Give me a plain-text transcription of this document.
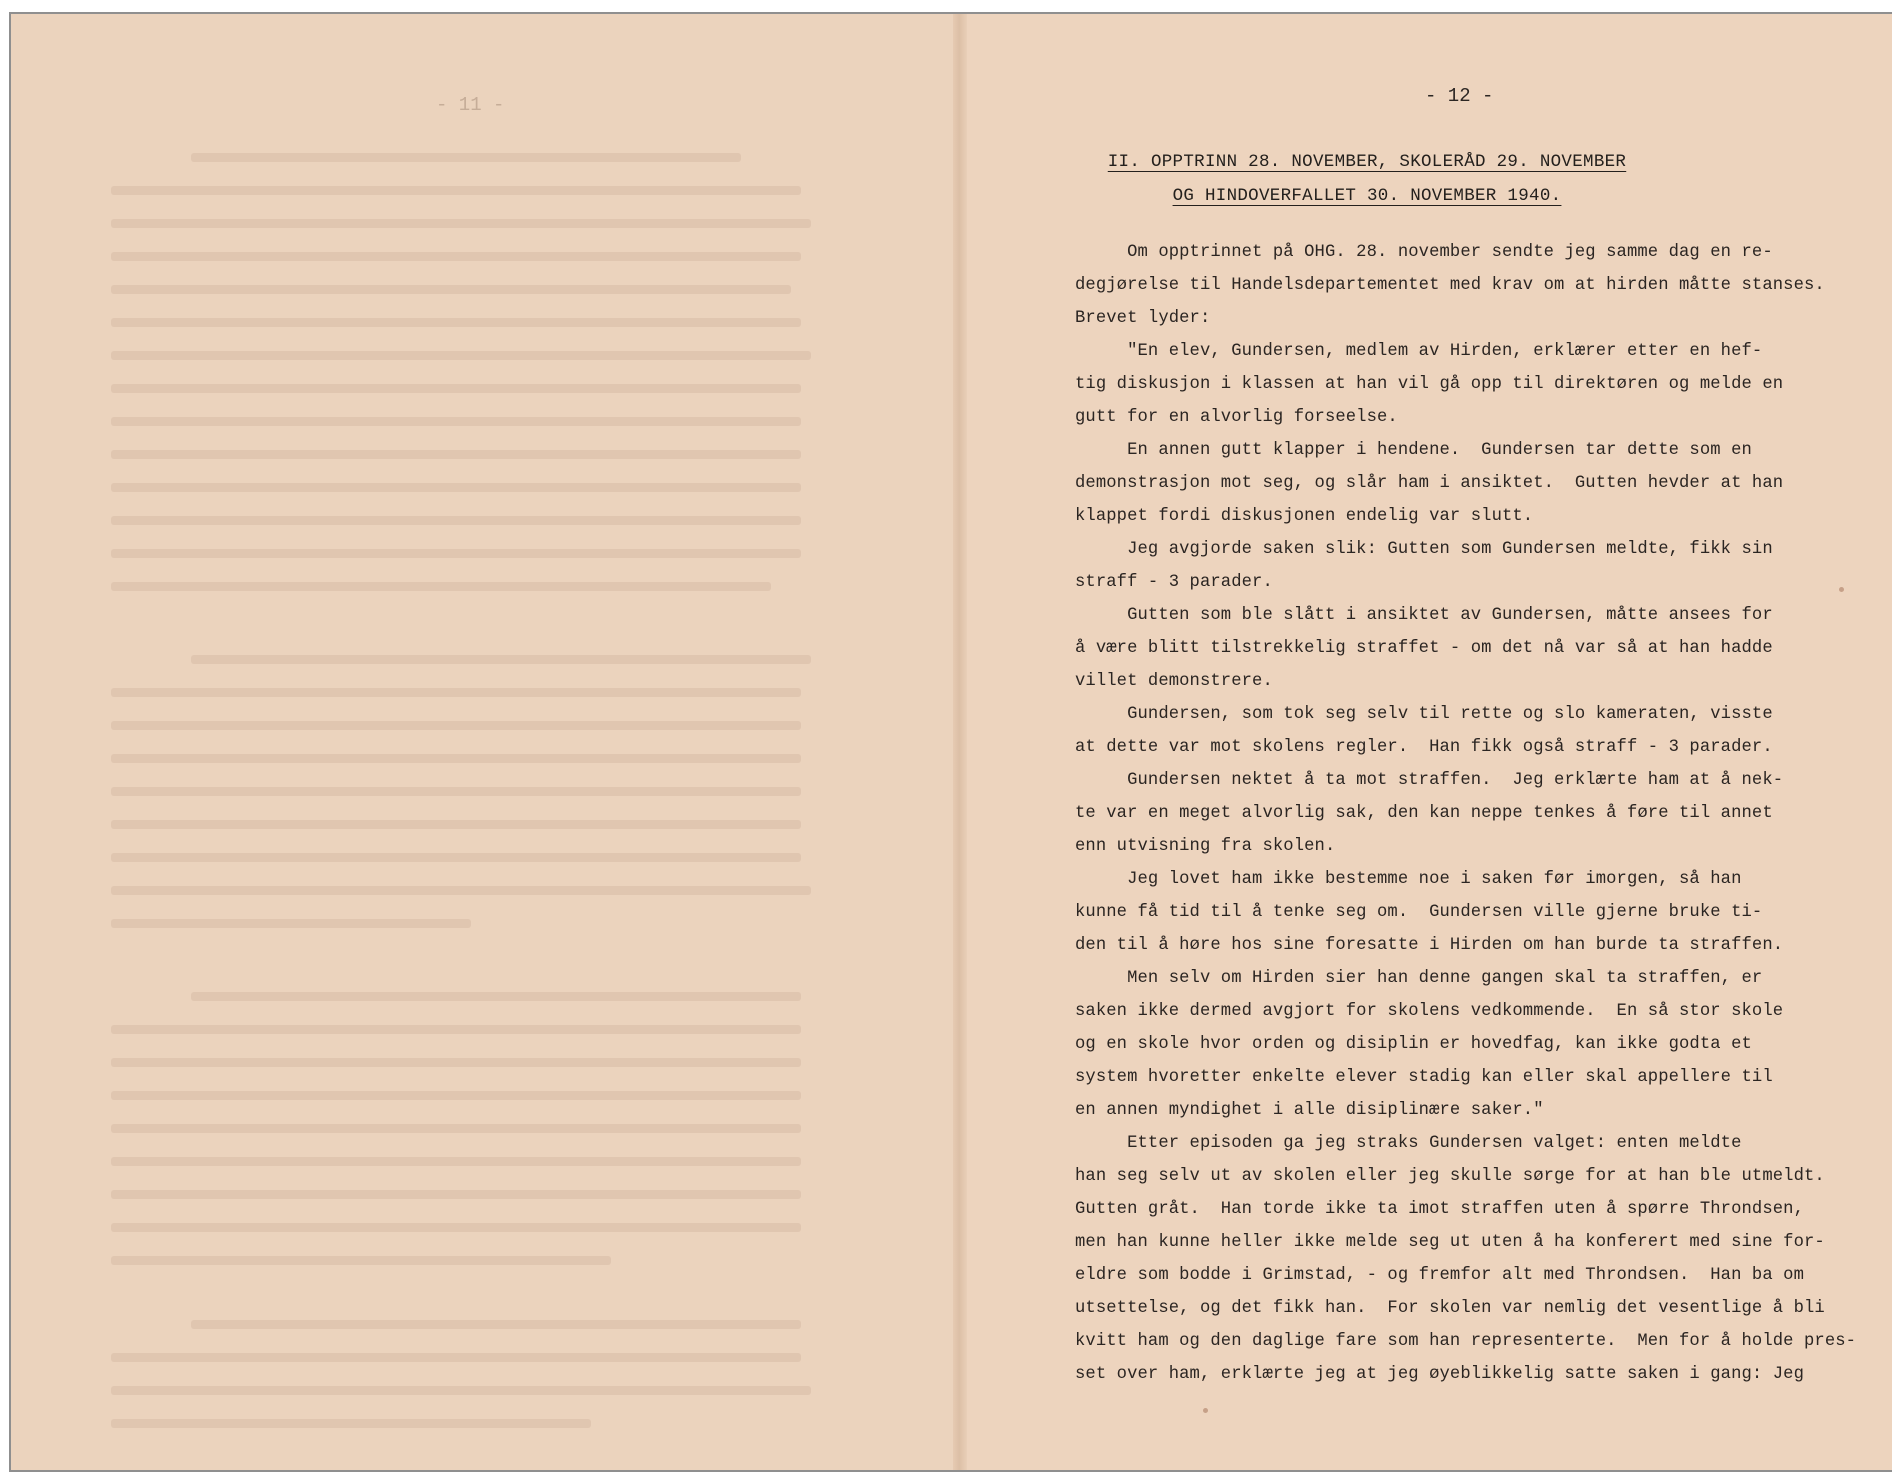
- 11 -	- 12 -
II. OPPTRINN 28. NOVEMBER, SKOLERÅD 29. NOVEMBER
OG HINDOVERFALLET 30. NOVEMBER 1940.
Om opptrinnet på OHG. 28. november sendte jeg samme dag en re-
degjørelse til Handelsdepartementet med krav om at hirden måtte stanses.
Brevet lyder:
"En elev, Gundersen, medlem av Hirden, erklærer etter en hef-
tig diskusjon i klassen at han vil gå opp til direktøren og melde en
gutt for en alvorlig forseelse.
En annen gutt klapper i hendene.  Gundersen tar dette som en
demonstrasjon mot seg, og slår ham i ansiktet.  Gutten hevder at han
klappet fordi diskusjonen endelig var slutt.
Jeg avgjorde saken slik: Gutten som Gundersen meldte, fikk sin
straff - 3 parader.
Gutten som ble slått i ansiktet av Gundersen, måtte ansees for
å være blitt tilstrekkelig straffet - om det nå var så at han hadde
villet demonstrere.
Gundersen, som tok seg selv til rette og slo kameraten, visste
at dette var mot skolens regler.  Han fikk også straff - 3 parader.
Gundersen nektet å ta mot straffen.  Jeg erklærte ham at å nek-
te var en meget alvorlig sak, den kan neppe tenkes å føre til annet
enn utvisning fra skolen.
Jeg lovet ham ikke bestemme noe i saken før imorgen, så han
kunne få tid til å tenke seg om.  Gundersen ville gjerne bruke ti-
den til å høre hos sine foresatte i Hirden om han burde ta straffen.
Men selv om Hirden sier han denne gangen skal ta straffen, er
saken ikke dermed avgjort for skolens vedkommende.  En så stor skole
og en skole hvor orden og disiplin er hovedfag, kan ikke godta et
system hvoretter enkelte elever stadig kan eller skal appellere til
en annen myndighet i alle disiplinære saker."
Etter episoden ga jeg straks Gundersen valget: enten meldte
han seg selv ut av skolen eller jeg skulle sørge for at han ble utmeldt.
Gutten gråt.  Han torde ikke ta imot straffen uten å spørre Throndsen,
men han kunne heller ikke melde seg ut uten å ha konferert med sine for-
eldre som bodde i Grimstad, - og fremfor alt med Throndsen.  Han ba om
utsettelse, og det fikk han.  For skolen var nemlig det vesentlige å bli
kvitt ham og den daglige fare som han representerte.  Men for å holde pres-
set over ham, erklærte jeg at jeg øyeblikkelig satte saken i gang: Jeg
